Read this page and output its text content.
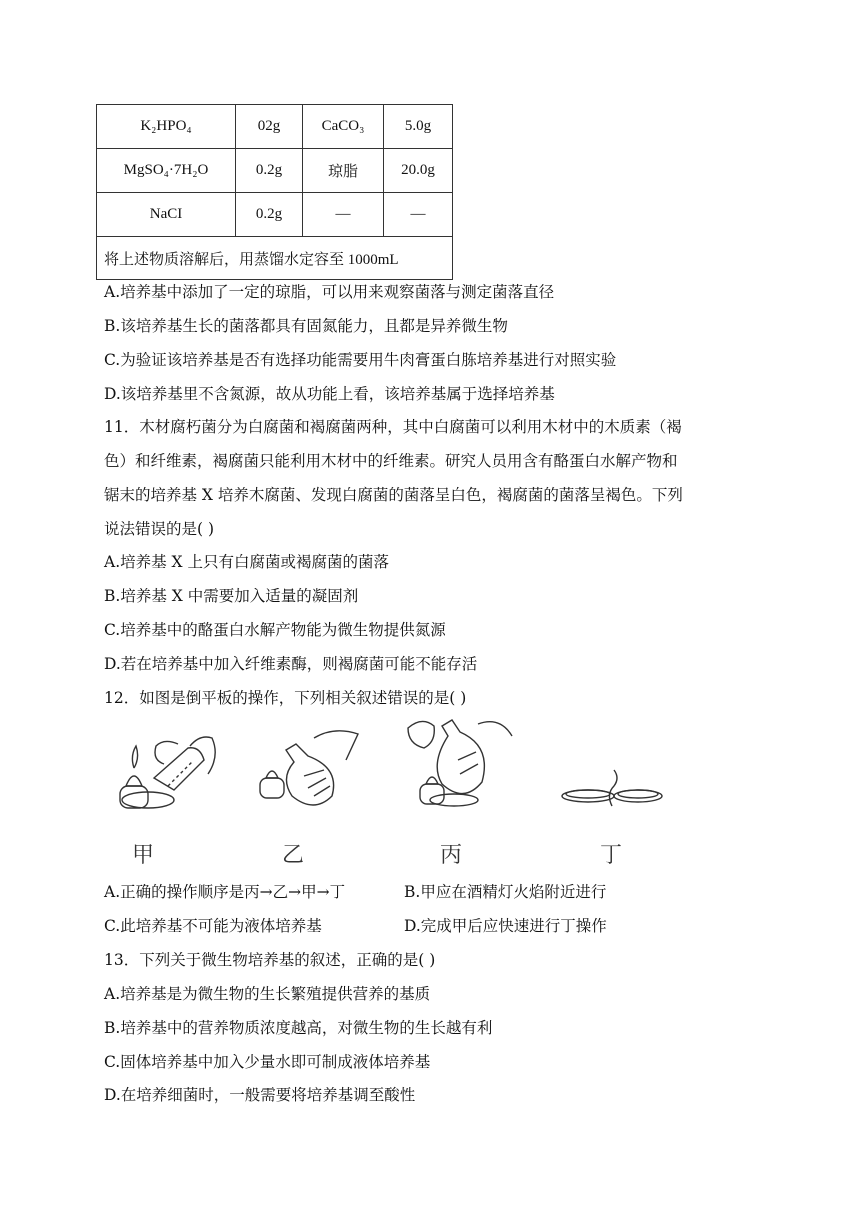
K₂HPO₄	02g	CaCO₃	5.0g
MgSO₄·7H₂O	0.2g	琼脂	20.0g
NaCI	0.2g	—	—
将上述物质溶解后，用蒸馏水定容至 1000mL			
A.培养基中添加了一定的琼脂，可以用来观察菌落与测定菌落直径
B.该培养基生长的菌落都具有固氮能力，且都是异养微生物
C.为验证该培养基是否有选择功能需要用牛肉膏蛋白胨培养基进行对照实验
D.该培养基里不含氮源，故从功能上看，该培养基属于选择培养基
11．木材腐朽菌分为白腐菌和褐腐菌两种，其中白腐菌可以利用木材中的木质素（褐
色）和纤维素，褐腐菌只能利用木材中的纤维素。研究人员用含有酪蛋白水解产物和
锯末的培养基 X 培养木腐菌、发现白腐菌的菌落呈白色，褐腐菌的菌落呈褐色。下列
说法错误的是( )
A.培养基 X 上只有白腐菌或褐腐菌的菌落
B.培养基 X 中需要加入适量的凝固剂
C.培养基中的酪蛋白水解产物能为微生物提供氮源
D.若在培养基中加入纤维素酶，则褐腐菌可能不能存活
12．如图是倒平板的操作，下列相关叙述错误的是( )
甲	乙	丙	丁
A.正确的操作顺序是丙→乙→甲→丁	B.甲应在酒精灯火焰附近进行
C.此培养基不可能为液体培养基	D.完成甲后应快速进行丁操作
13．下列关于微生物培养基的叙述，正确的是( )
A.培养基是为微生物的生长繁殖提供营养的基质
B.培养基中的营养物质浓度越高，对微生物的生长越有利
C.固体培养基中加入少量水即可制成液体培养基
D.在培养细菌时，一般需要将培养基调至酸性
